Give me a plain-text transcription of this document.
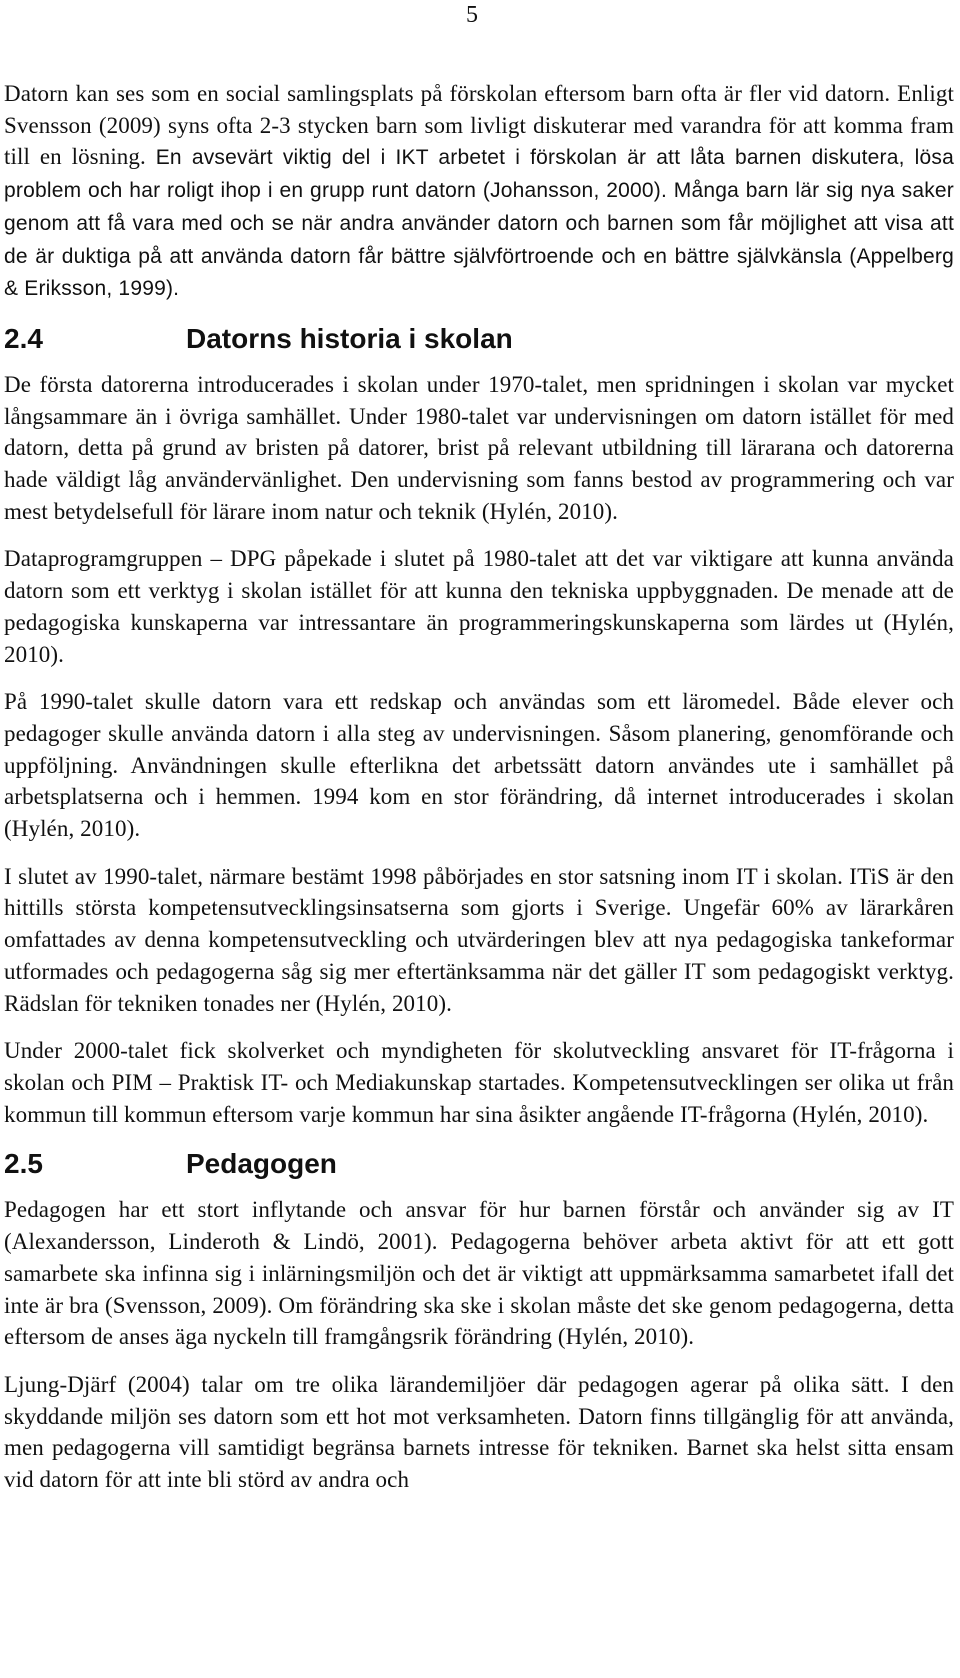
5

Datorn kan ses som en social samlingsplats på förskolan eftersom barn ofta är fler vid datorn. Enligt Svensson (2009) syns ofta 2-3 stycken barn som livligt diskuterar med varandra för att komma fram till en lösning. En avsevärt viktig del i IKT arbetet i förskolan är att låta barnen diskutera, lösa problem och har roligt ihop i en grupp runt datorn (Johansson, 2000). Många barn lär sig nya saker genom att få vara med och se när andra använder datorn och barnen som får möjlighet att visa att de är duktiga på att använda datorn får bättre självförtroende och en bättre självkänsla (Appelberg & Eriksson, 1999).

2.4	Datorns historia i skolan

De första datorerna introducerades i skolan under 1970-talet, men spridningen i skolan var mycket långsammare än i övriga samhället. Under 1980-talet var undervisningen om datorn istället för med datorn, detta på grund av bristen på datorer, brist på relevant utbildning till lärarana och datorerna hade väldigt låg användervänlighet. Den undervisning som fanns bestod av programmering och var mest betydelsefull för lärare inom natur och teknik (Hylén, 2010).

Dataprogramgruppen – DPG påpekade i slutet på 1980-talet att det var viktigare att kunna använda datorn som ett verktyg i skolan istället för att kunna den tekniska uppbyggnaden. De menade att de pedagogiska kunskaperna var intressantare än programmeringskunskaperna som lärdes ut (Hylén, 2010).

På 1990-talet skulle datorn vara ett redskap och användas som ett läromedel. Både elever och pedagoger skulle använda datorn i alla steg av undervisningen. Såsom planering, genomförande och uppföljning. Användningen skulle efterlikna det arbetssätt datorn användes ute i samhället på arbetsplatserna och i hemmen. 1994 kom en stor förändring, då internet introducerades i skolan (Hylén, 2010).

I slutet av 1990-talet, närmare bestämt 1998 påbörjades en stor satsning inom IT i skolan. ITiS är den hittills största kompetensutvecklingsinsatserna som gjorts i Sverige. Ungefär 60% av lärarkåren omfattades av denna kompetensutveckling och utvärderingen blev att nya pedagogiska tankeformar utformades och pedagogerna såg sig mer eftertänksamma när det gäller IT som pedagogiskt verktyg. Rädslan för tekniken tonades ner (Hylén, 2010).

Under 2000-talet fick skolverket och myndigheten för skolutveckling ansvaret för IT-frågorna i skolan och PIM – Praktisk IT- och Mediakunskap startades. Kompetensutvecklingen ser olika ut från kommun till kommun eftersom varje kommun har sina åsikter angående IT-frågorna (Hylén, 2010).

2.5	Pedagogen

Pedagogen har ett stort inflytande och ansvar för hur barnen förstår och använder sig av IT (Alexandersson, Linderoth & Lindö, 2001). Pedagogerna behöver arbeta aktivt för att ett gott samarbete ska infinna sig i inlärningsmiljön och det är viktigt att uppmärksamma samarbetet ifall det inte är bra (Svensson, 2009). Om förändring ska ske i skolan måste det ske genom pedagogerna, detta eftersom de anses äga nyckeln till framgångsrik förändring (Hylén, 2010).

Ljung-Djärf (2004) talar om tre olika lärandemiljöer där pedagogen agerar på olika sätt. I den skyddande miljön ses datorn som ett hot mot verksamheten. Datorn finns tillgänglig för att använda, men pedagogerna vill samtidigt begränsa barnets intresse för tekniken. Barnet ska helst sitta ensam vid datorn för att inte bli störd av andra och
